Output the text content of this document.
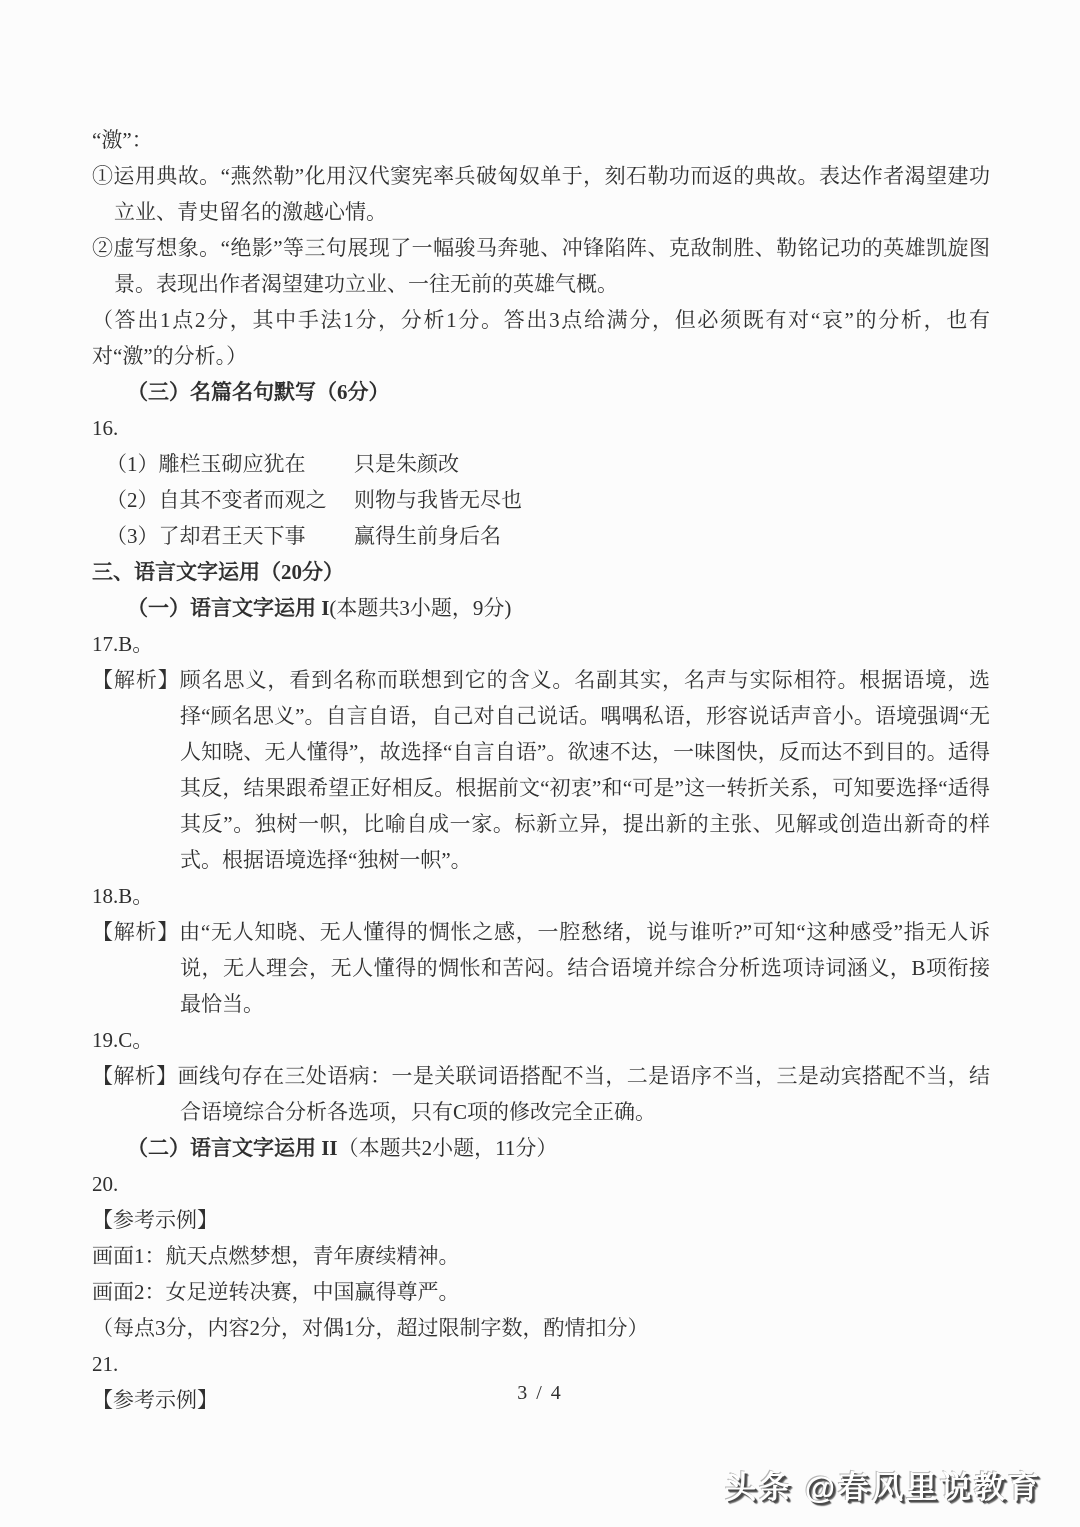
“激”：

①运用典故。“燕然勒”化用汉代窦宪率兵破匈奴单于，刻石勒功而返的典故。表达作者渴望建功立业、青史留名的激越心情。

②虚写想象。“绝影”等三句展现了一幅骏马奔驰、冲锋陷阵、克敌制胜、勒铭记功的英雄凯旋图景。表现出作者渴望建功立业、一往无前的英雄气概。

（答出1点2分，其中手法1分，分析1分。答出3点给满分，但必须既有对“哀”的分析，也有对“激”的分析。）

（三）名篇名句默写（6分）

16.

（1）雕栏玉砌应犹在 只是朱颜改

（2）自其不变者而观之 则物与我皆无尽也

（3）了却君王天下事 赢得生前身后名

三、语言文字运用（20分）

（一）语言文字运用 I(本题共3小题，9分)

17.B。

【解析】顾名思义，看到名称而联想到它的含义。名副其实，名声与实际相符。根据语境，选择“顾名思义”。自言自语，自己对自己说话。喁喁私语，形容说话声音小。语境强调“无人知晓、无人懂得”，故选择“自言自语”。欲速不达，一味图快，反而达不到目的。适得其反，结果跟希望正好相反。根据前文“初衷”和“可是”这一转折关系，可知要选择“适得其反”。独树一帜，比喻自成一家。标新立异，提出新的主张、见解或创造出新奇的样式。根据语境选择“独树一帜”。

18.B。

【解析】由“无人知晓、无人懂得的惆怅之感，一腔愁绪，说与谁听?”可知“这种感受”指无人诉说，无人理会，无人懂得的惆怅和苦闷。结合语境并综合分析选项诗词涵义，B项衔接最恰当。

19.C。

【解析】画线句存在三处语病：一是关联词语搭配不当，二是语序不当，三是动宾搭配不当，结合语境综合分析各选项，只有C项的修改完全正确。

（二）语言文字运用 II（本题共2小题，11分）

20.

【参考示例】

画面1：航天点燃梦想，青年赓续精神。

画面2：女足逆转决赛，中国赢得尊严。

（每点3分，内容2分，对偶1分，超过限制字数，酌情扣分）

21.

【参考示例】	3 / 4
头条 @春风里说教育
